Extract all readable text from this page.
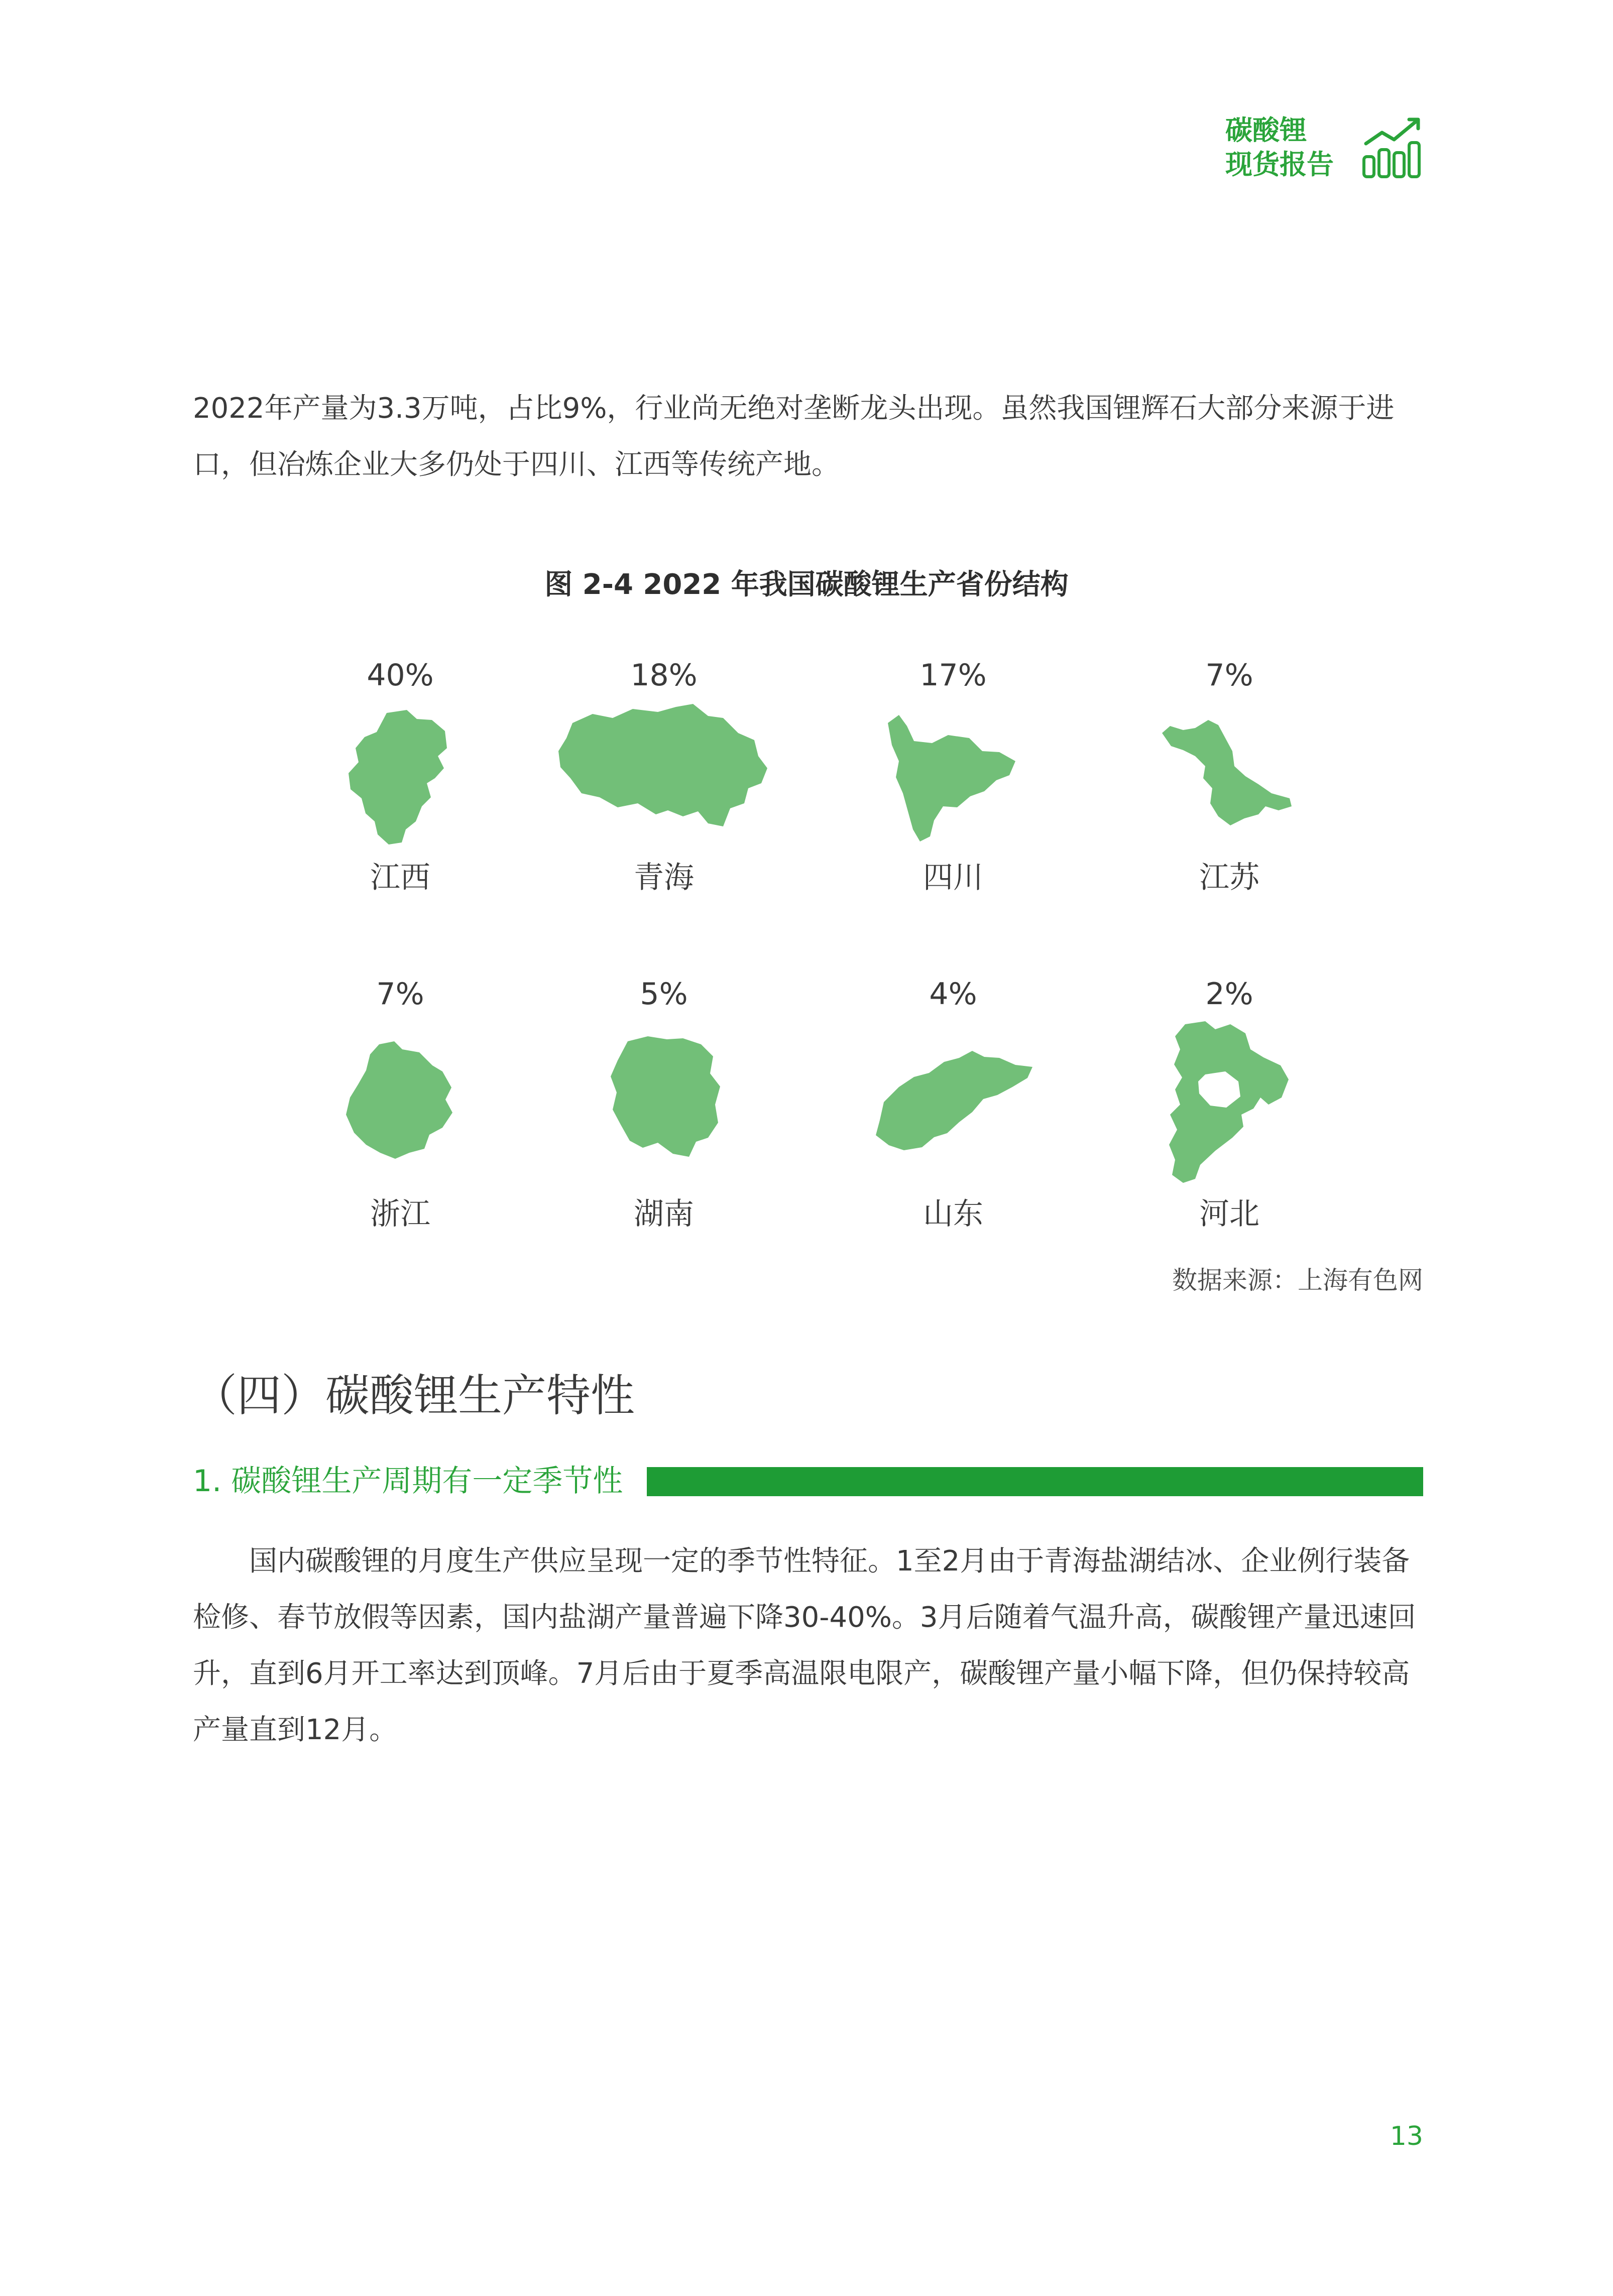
碳酸锂
现货报告

2022年产量为3.3万吨，占比9%，行业尚无绝对垄断龙头出现。虽然我国锂辉石大部分来源于进口，但冶炼企业大多仍处于四川、江西等传统产地。

图 2-4 2022 年我国碳酸锂生产省份结构
40%
江西
18%
青海
17%
四川
7%
江苏
7%
浙江
5%
湖南
4%
山东
2%
河北
数据来源：上海有色网
（四）碳酸锂生产特性
1. 碳酸锂生产周期有一定季节性

国内碳酸锂的月度生产供应呈现一定的季节性特征。1至2月由于青海盐湖结冰、企业例行装备检修、春节放假等因素，国内盐湖产量普遍下降30-40%。3月后随着气温升高，碳酸锂产量迅速回升，直到6月开工率达到顶峰。7月后由于夏季高温限电限产，碳酸锂产量小幅下降，但仍保持较高产量直到12月。

13
